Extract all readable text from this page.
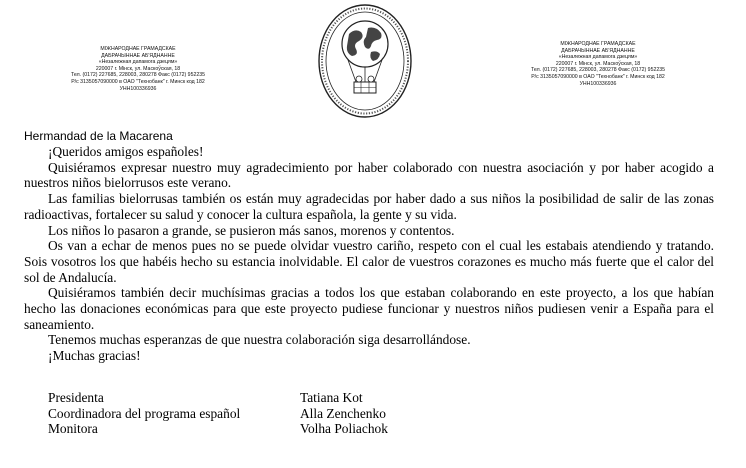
МІЖНАРОДНАЕ ГРАМАДСКАЕ
ДАБРАЧЫННАЕ АБ'ЯДНАННЕ
«Незалежная дапамога дзецям»
220007 г. Мінск, ул. Маскоўская, 18
Тел. (0172) 227685, 228003, 280278 Факс (0172) 952235
Р/с 3135057090000 в ОАО "Технобанк" г. Минск код 182
УНН100336936
МІЖНАРОДНАЕ ГРАМАДСКАЕ
ДАБРАЧЫННАЕ АБ'ЯДНАННЕ
«Незалежная дапамога дзецям»
220007 г. Мінск, ул. Маскоўская, 18
Тел. (0172) 227685, 228003, 280278 Факс (0172) 952235
Р/с 3135057090000 в ОАО "Технобанк" г. Минск код 182
УНН100336936
Hermandad de la Macarena

¡Queridos amigos españoles!

Quisiéramos expresar nuestro muy agradecimiento por haber colaborado con nuestra asociación y por haber acogido a nuestros niños bielorrusos este verano.

Las familias bielorrusas también os están muy agradecidas por haber dado a sus niños la posibilidad de salir de las zonas radioactivas, fortalecer su salud y conocer la cultura española, la gente y su vida.

Los niños lo pasaron a grande, se pusieron más sanos, morenos y contentos.

Os van a echar de menos pues no se puede olvidar vuestro cariño, respeto con el cual les estabais atendiendo y tratando. Sois vosotros los que habéis hecho su estancia inolvidable. El calor de vuestros corazones es mucho más fuerte que el calor del sol de Andalucía.

Quisiéramos también decir muchísimas gracias a todos los que estaban colaborando en este proyecto, a los que habían hecho las donaciones económicas para que este proyecto pudiese funcionar y nuestros niños pudiesen venir a España para el saneamiento.

Tenemos muchas esperanzas de que nuestra colaboración siga desarrollándose.

¡Muchas gracias!

Presidenta	Tatiana Kot
Coordinadora del programa español	Alla Zenchenko
Monitora	Volha Poliachok
